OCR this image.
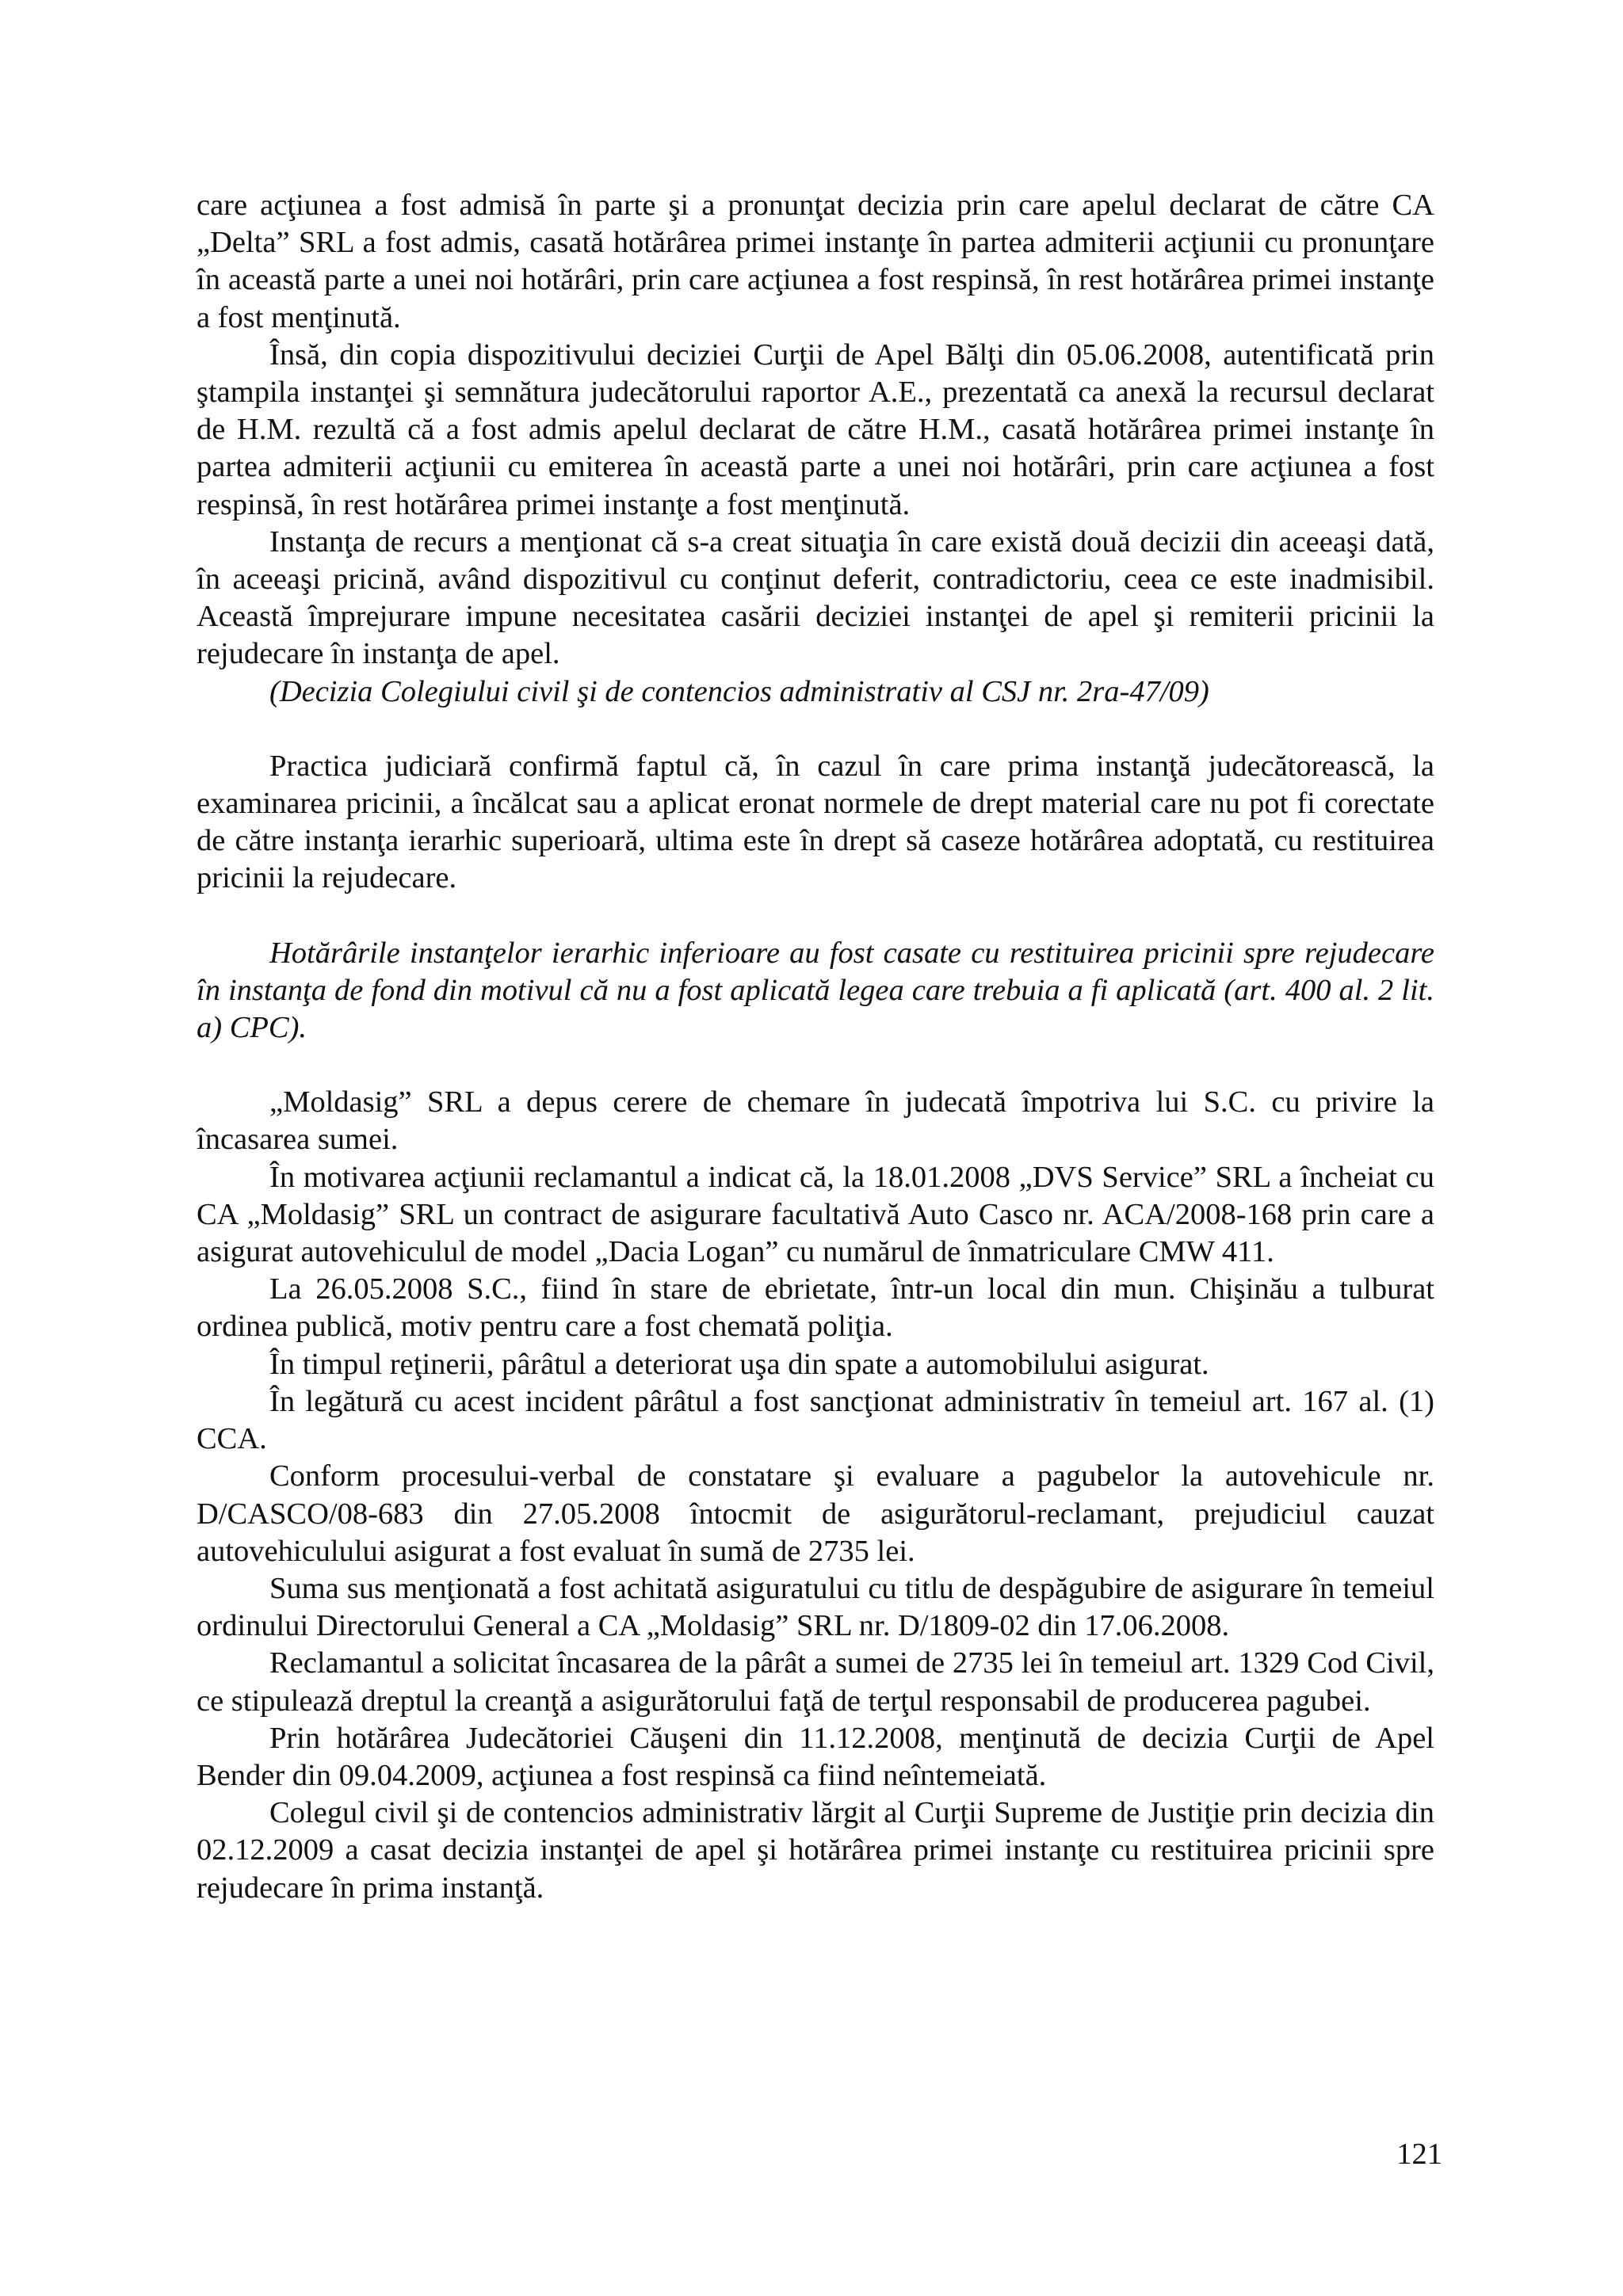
care acţiunea a fost admisă în parte şi a pronunţat decizia prin care apelul declarat de către CA „Delta” SRL a fost admis, casată hotărârea primei instanţe în partea admiterii acţiunii cu pronunţare în această parte a unei noi hotărâri, prin care acţiunea a fost respinsă, în rest hotărârea primei instanţe a fost menţinută.

Însă, din copia dispozitivului deciziei Curţii de Apel Bălţi din 05.06.2008, autentificată prin ştampila instanţei şi semnătura judecătorului raportor A.E., prezentată ca anexă la recursul declarat de H.M. rezultă că a fost admis apelul declarat de către H.M., casată hotărârea primei instanţe în partea admiterii acţiunii cu emiterea în această parte a unei noi hotărâri, prin care acţiunea a fost respinsă, în rest hotărârea primei instanţe a fost menţinută.

Instanţa de recurs a menţionat că s-a creat situaţia în care există două decizii din aceeaşi dată, în aceeaşi pricină, având dispozitivul cu conţinut deferit, contradictoriu, ceea ce este inadmisibil. Această împrejurare impune necesitatea casării deciziei instanţei de apel şi remiterii pricinii la rejudecare în instanţa de apel.

(Decizia Colegiului civil şi de contencios administrativ al CSJ nr. 2ra-47/09)

Practica judiciară confirmă faptul că, în cazul în care prima instanţă judecătorească, la examinarea pricinii, a încălcat sau a aplicat eronat normele de drept material care nu pot fi corectate de către instanţa ierarhic superioară, ultima este în drept să caseze hotărârea adoptată, cu restituirea pricinii la rejudecare.

Hotărârile instanţelor ierarhic inferioare au fost casate cu restituirea pricinii spre rejudecare în instanţa de fond din motivul că nu a fost aplicată legea care trebuia a fi aplicată (art. 400 al. 2 lit. a) CPC).

„Moldasig” SRL a depus cerere de chemare în judecată împotriva lui S.C. cu privire la încasarea sumei.

În motivarea acţiunii reclamantul a indicat că, la 18.01.2008 „DVS Service” SRL a încheiat cu CA „Moldasig” SRL un contract de asigurare facultativă Auto Casco nr. ACA/2008-168 prin care a asigurat autovehiculul de model „Dacia Logan” cu numărul de înmatriculare CMW 411.

La 26.05.2008 S.C., fiind în stare de ebrietate, într-un local din mun. Chişinău a tulburat ordinea publică, motiv pentru care a fost chemată poliţia.

În timpul reţinerii, pârâtul a deteriorat uşa din spate a automobilului asigurat.

În legătură cu acest incident pârâtul a fost sancţionat administrativ în temeiul art. 167 al. (1) CCA.

Conform procesului-verbal de constatare şi evaluare a pagubelor la autovehicule nr. D/CASCO/08-683 din 27.05.2008 întocmit de asigurătorul-reclamant, prejudiciul cauzat autovehiculului asigurat a fost evaluat în sumă de 2735 lei.

Suma sus menţionată a fost achitată asiguratului cu titlu de despăgubire de asigurare în temeiul ordinului Directorului General a CA „Moldasig” SRL nr. D/1809-02 din 17.06.2008.

Reclamantul a solicitat încasarea de la pârât a sumei de 2735 lei în temeiul art. 1329 Cod Civil, ce stipulează dreptul la creanţă a asigurătorului faţă de terţul responsabil de producerea pagubei.

Prin hotărârea Judecătoriei Căuşeni din 11.12.2008, menţinută de decizia Curţii de Apel Bender din 09.04.2009, acţiunea a fost respinsă ca fiind neîntemeiată.

Colegul civil şi de contencios administrativ lărgit al Curţii Supreme de Justiţie prin decizia din 02.12.2009 a casat decizia instanţei de apel şi hotărârea primei instanţe cu restituirea pricinii spre rejudecare în prima instanţă.

121
